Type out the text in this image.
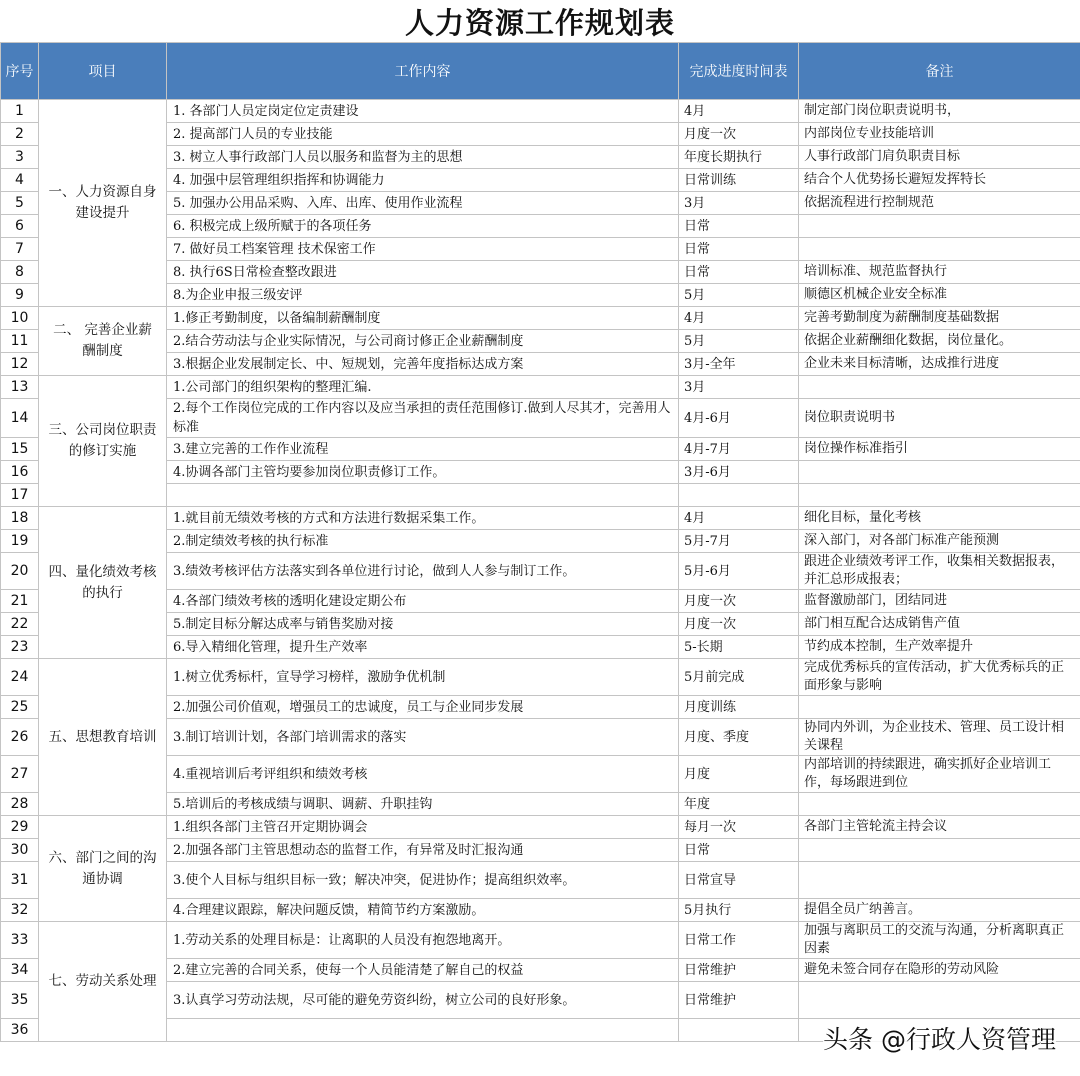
人力资源工作规划表
序号	项目	工作内容	完成进度时间表	备注
1	一、人力资源自身建设提升	1. 各部门人员定岗定位定责建设	4月	制定部门岗位职责说明书，
2		2. 提高部门人员的专业技能	月度一次	内部岗位专业技能培训
3		3. 树立人事行政部门人员以服务和监督为主的思想	年度长期执行	人事行政部门肩负职责目标
4		4. 加强中层管理组织指挥和协调能力	日常训练	结合个人优势扬长避短发挥特长
5		5. 加强办公用品采购、入库、出库、使用作业流程	3月	依据流程进行控制规范
6		6. 积极完成上级所赋于的各项任务	日常	
7		7. 做好员工档案管理 技术保密工作	日常	
8		8. 执行6S日常检查整改跟进	日常	培训标准、规范监督执行
9		8.为企业申报三级安评	5月	顺德区机械企业安全标准
10	二、 完善企业薪酬制度	1.修正考勤制度，以备编制薪酬制度	4月	完善考勤制度为薪酬制度基础数据
11		2.结合劳动法与企业实际情况，与公司商讨修正企业薪酬制度	5月	依据企业薪酬细化数据，岗位量化。
12		3.根据企业发展制定长、中、短规划，完善年度指标达成方案	3月-全年	企业未来目标清晰，达成推行进度
13	三、公司岗位职责的修订实施	1.公司部门的组织架构的整理汇编.	3月	
14		2.每个工作岗位完成的工作内容以及应当承担的责任范围修订.做到人尽其才，完善用人标准	4月-6月	岗位职责说明书
15		3.建立完善的工作作业流程	4月-7月	岗位操作标准指引
16		4.协调各部门主管均要参加岗位职责修订工作。	3月-6月	
17				
18	四、量化绩效考核的执行	1.就目前无绩效考核的方式和方法进行数据采集工作。	4月	细化目标，量化考核
19		2.制定绩效考核的执行标准	5月-7月	深入部门，对各部门标准产能预测
20		3.绩效考核评估方法落实到各单位进行讨论，做到人人参与制订工作。	5月-6月	跟进企业绩效考评工作，收集相关数据报表，并汇总形成报表；
21		4.各部门绩效考核的透明化建设定期公布	月度一次	监督激励部门，团结同进
22		5.制定目标分解达成率与销售奖励对接	月度一次	部门相互配合达成销售产值
23		6.导入精细化管理，提升生产效率	5-长期	节约成本控制，生产效率提升
24	五、思想教育培训	1.树立优秀标杆，宣导学习榜样，激励争优机制	5月前完成	完成优秀标兵的宣传活动，扩大优秀标兵的正面形象与影响
25		2.加强公司价值观，增强员工的忠诚度，员工与企业同步发展	月度训练	
26		3.制订培训计划，各部门培训需求的落实	月度、季度	协同内外训，为企业技术、管理、员工设计相关课程
27		4.重视培训后考评组织和绩效考核	月度	内部培训的持续跟进，确实抓好企业培训工作，每场跟进到位
28		5.培训后的考核成绩与调职、调薪、升职挂钩	年度	
29	六、部门之间的沟通协调	1.组织各部门主管召开定期协调会	每月一次	各部门主管轮流主持会议
30		2.加强各部门主管思想动态的监督工作，有异常及时汇报沟通	日常	
31		3.使个人目标与组织目标一致；解决冲突，促进协作；提高组织效率。	日常宣导	
32		4.合理建议跟踪，解决问题反馈，精简节约方案激励。	5月执行	提倡全员广纳善言。
33	七、劳动关系处理	1.劳动关系的处理目标是：让离职的人员没有抱怨地离开。	日常工作	加强与离职员工的交流与沟通，分析离职真正因素
34		2.建立完善的合同关系，使每一个人员能清楚了解自己的权益	日常维护	避免未签合同存在隐形的劳动风险
35		3.认真学习劳动法规，尽可能的避免劳资纠纷，树立公司的良好形象。	日常维护	
36					头条 @行政人资管理
